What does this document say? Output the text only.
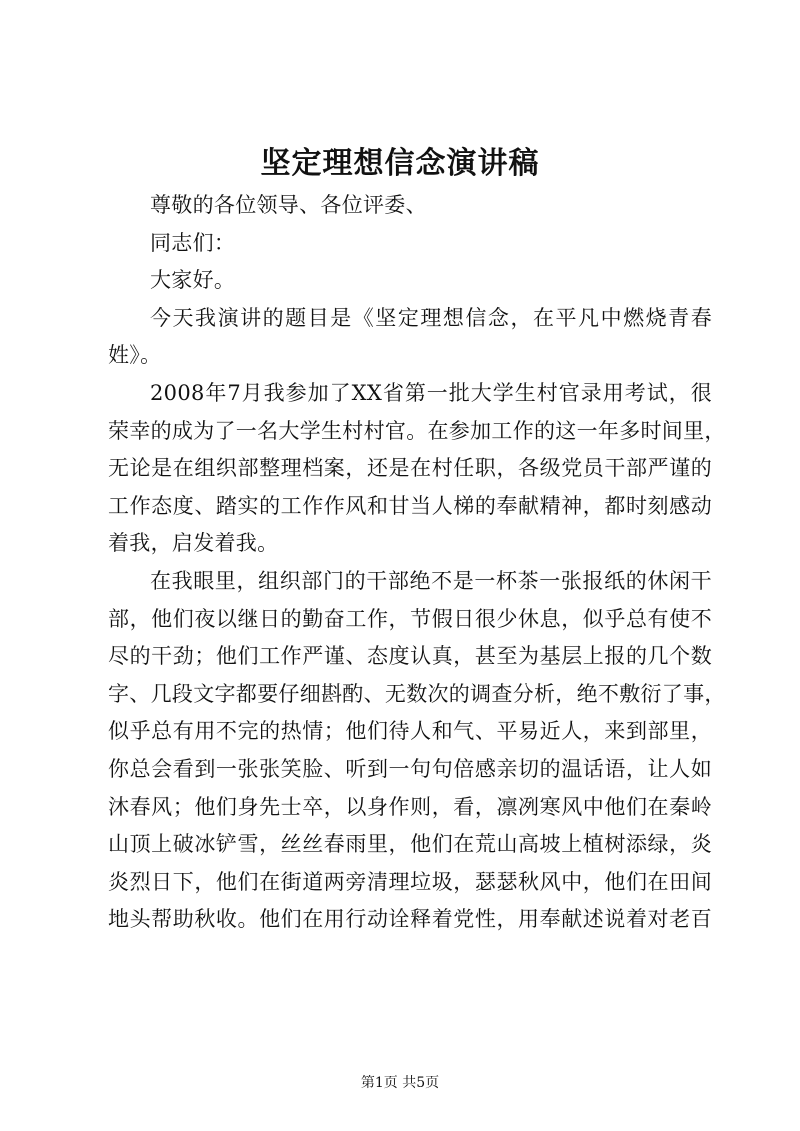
坚定理想信念演讲稿
尊敬的各位领导、各位评委、
同志们：
大家好。
今天我演讲的题目是《坚定理想信念，在平凡中燃烧青春
姓》。
2008年7月我参加了XX省第一批大学生村官录用考试，很
荣幸的成为了一名大学生村村官。在参加工作的这一年多时间里，
无论是在组织部整理档案，还是在村任职，各级党员干部严谨的
工作态度、踏实的工作作风和甘当人梯的奉献精神，都时刻感动
着我，启发着我。
在我眼里，组织部门的干部绝不是一杯茶一张报纸的休闲干
部，他们夜以继日的勤奋工作，节假日很少休息，似乎总有使不
尽的干劲；他们工作严谨、态度认真，甚至为基层上报的几个数
字、几段文字都要仔细斟酌、无数次的调查分析，绝不敷衍了事，
似乎总有用不完的热情；他们待人和气、平易近人，来到部里，
你总会看到一张张笑脸、听到一句句倍感亲切的温话语，让人如
沐春风；他们身先士卒，以身作则，看，凛冽寒风中他们在秦岭
山顶上破冰铲雪，丝丝春雨里，他们在荒山高坡上植树添绿，炎
炎烈日下，他们在街道两旁清理垃圾，瑟瑟秋风中，他们在田间
地头帮助秋收。他们在用行动诠释着党性，用奉献述说着对老百
第1页 共5页
